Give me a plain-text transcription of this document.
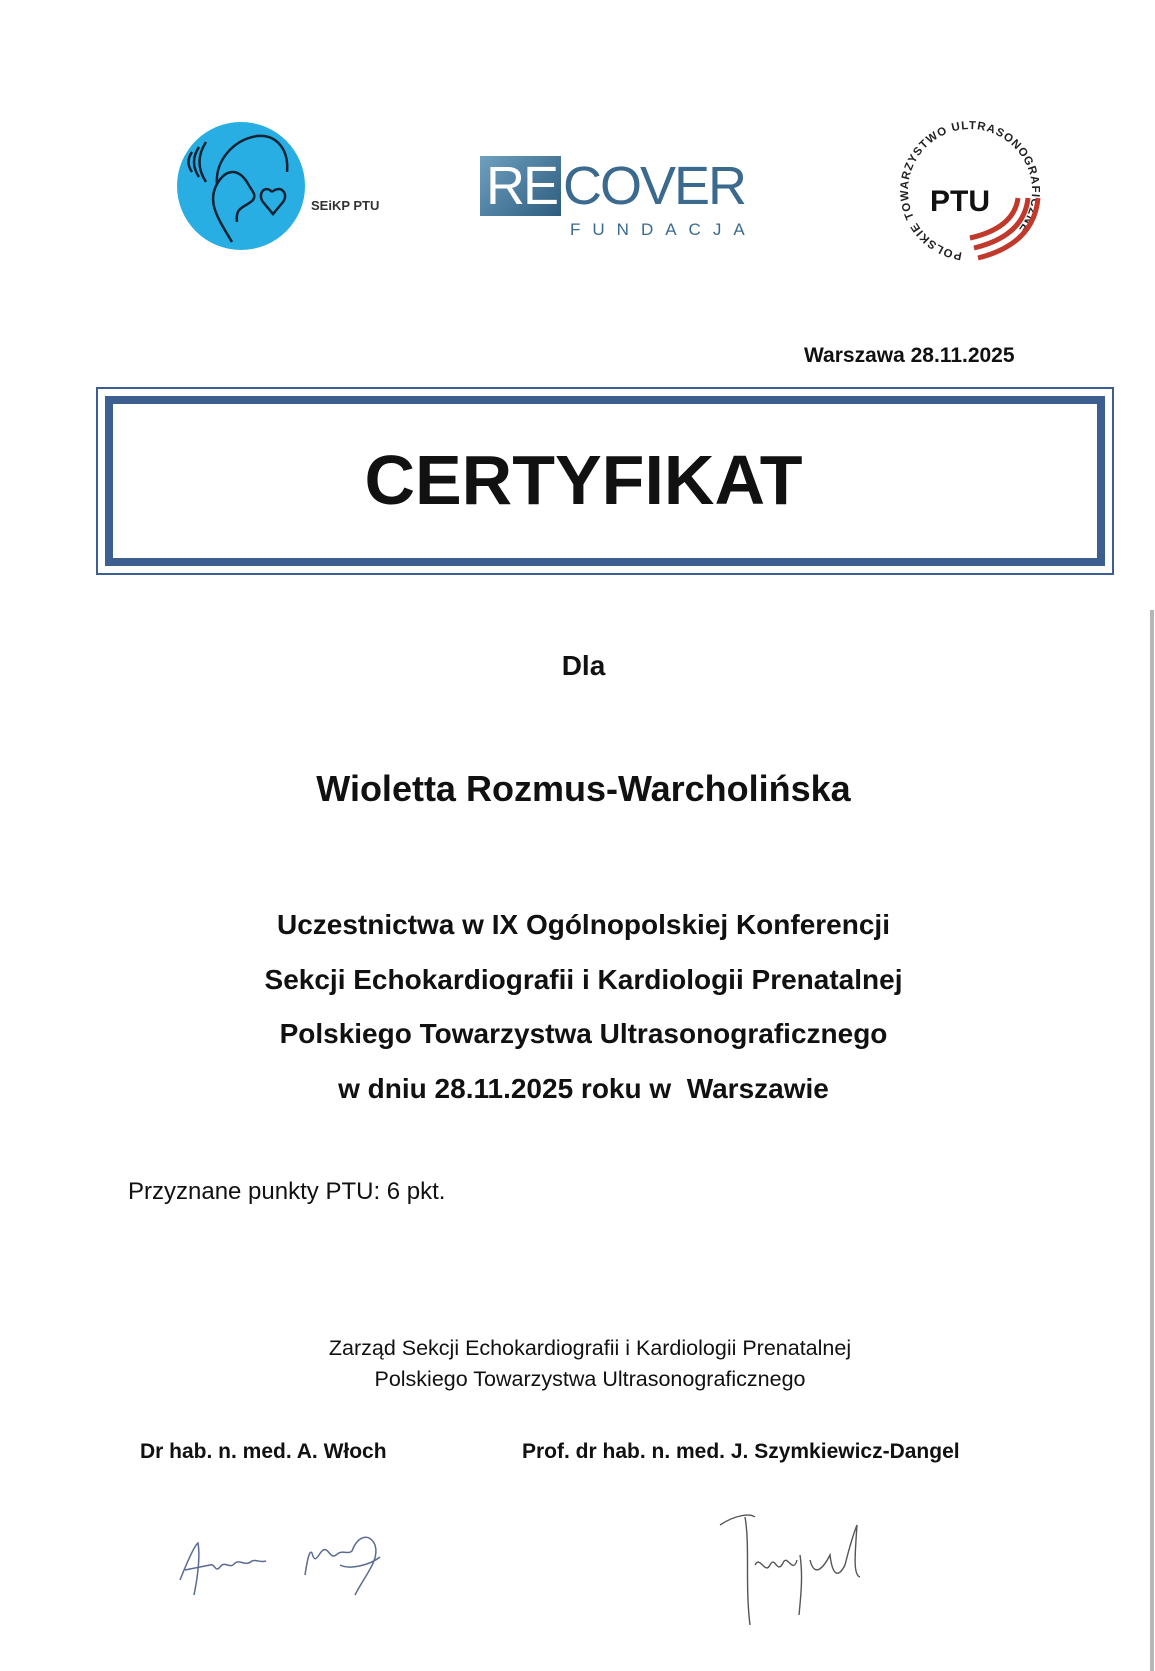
SEiKP PTU RE COVER
FUNDACJA
POLSKIE TOWARZYSTWO ULTRASONOGRAFICZNE
PTU
Warszawa 28.11.2025
CERTYFIKAT
Dla
Wioletta Rozmus-Warcholińska
Uczestnictwa w IX Ogólnopolskiej Konferencji
Sekcji Echokardiografii i Kardiologii Prenatalnej
Polskiego Towarzystwa Ultrasonograficznego
w dniu 28.11.2025 roku w  Warszawie
Przyznane punkty PTU: 6 pkt.
Zarząd Sekcji Echokardiografii i Kardiologii Prenatalnej
Polskiego Towarzystwa Ultrasonograficznego
Dr hab. n. med. A. Włoch	Prof. dr hab. n. med. J. Szymkiewicz-Dangel
